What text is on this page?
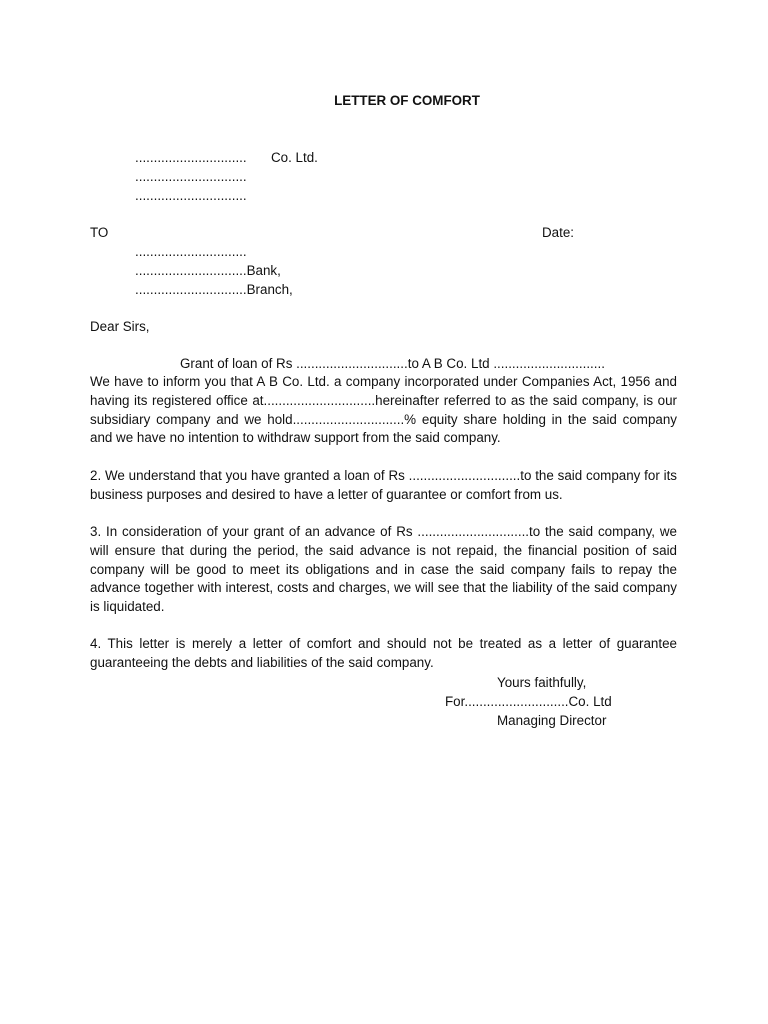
LETTER OF COMFORT
.............................. Co. Ltd.
..............................
..............................
TO	Date:
..............................
..............................Bank,
..............................Branch,
Dear Sirs,
Grant of loan of Rs ..............................to A B Co. Ltd ..............................

We have to inform you that A B Co. Ltd. a company incorporated under Companies Act, 1956 and having its registered office at..............................hereinafter referred to as the said company, is our subsidiary company and we hold..............................% equity share holding in the said company and we have no intention to withdraw support from the said company.

2. We understand that you have granted a loan of Rs ..............................to the said company for its business purposes and desired to have a letter of guarantee or comfort from us.

3. In consideration of your grant of an advance of Rs ..............................to the said company, we will ensure that during the period, the said advance is not repaid, the financial position of said company will be good to meet its obligations and in case the said company fails to repay the advance together with interest, costs and charges, we will see that the liability of the said company is liquidated.

4. This letter is merely a letter of comfort and should not be treated as a letter of guarantee guaranteeing the debts and liabilities of the said company.

Yours faithfully,
For............................Co. Ltd
Managing Director
